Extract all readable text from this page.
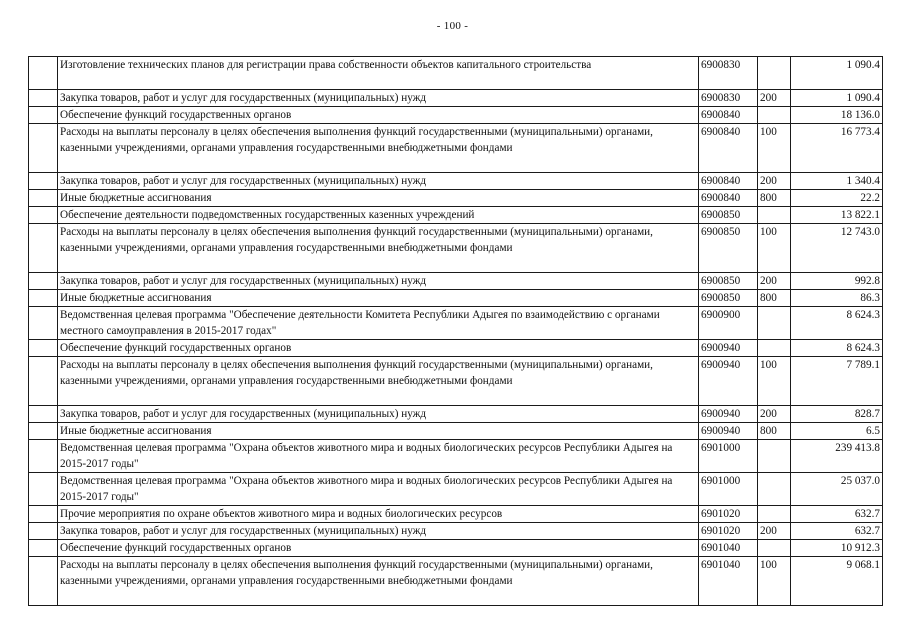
- 100 -
	Изготовление технических планов для регистрации права собственности объектов капитального строительства	6900830		1 090.4
	Закупка товаров, работ и услуг для государственных (муниципальных) нужд	6900830	200	1 090.4
	Обеспечение функций государственных органов	6900840		18 136.0
	Расходы на выплаты персоналу в целях обеспечения выполнения функций государственными (муниципальными) органами, казенными учреждениями, органами управления государственными внебюджетными фондами	6900840	100	16 773.4
	Закупка товаров, работ и услуг для государственных (муниципальных) нужд	6900840	200	1 340.4
	Иные бюджетные ассигнования	6900840	800	22.2
	Обеспечение деятельности подведомственных государственных казенных учреждений	6900850		13 822.1
	Расходы на выплаты персоналу в целях обеспечения выполнения функций государственными (муниципальными) органами, казенными учреждениями, органами управления государственными внебюджетными фондами	6900850	100	12 743.0
	Закупка товаров, работ и услуг для государственных (муниципальных) нужд	6900850	200	992.8
	Иные бюджетные ассигнования	6900850	800	86.3
	Ведомственная целевая программа "Обеспечение деятельности Комитета Республики Адыгея по взаимодействию с органами местного самоуправления в 2015-2017 годах"	6900900		8 624.3
	Обеспечение функций государственных органов	6900940		8 624.3
	Расходы на выплаты персоналу в целях обеспечения выполнения функций государственными (муниципальными) органами, казенными учреждениями, органами управления государственными внебюджетными фондами	6900940	100	7 789.1
	Закупка товаров, работ и услуг для государственных (муниципальных) нужд	6900940	200	828.7
	Иные бюджетные ассигнования	6900940	800	6.5
	Ведомственная целевая программа "Охрана объектов животного мира и водных биологических ресурсов Республики Адыгея на 2015-2017 годы"	6901000		239 413.8
	Ведомственная целевая программа "Охрана объектов животного мира и водных биологических ресурсов Республики Адыгея на 2015-2017 годы"	6901000		25 037.0
	Прочие мероприятия по охране объектов животного мира и водных биологических ресурсов	6901020		632.7
	Закупка товаров, работ и услуг для государственных (муниципальных) нужд	6901020	200	632.7
	Обеспечение функций государственных органов	6901040		10 912.3
	Расходы на выплаты персоналу в целях обеспечения выполнения функций государственными (муниципальными) органами, казенными учреждениями, органами управления государственными внебюджетными фондами	6901040	100	9 068.1
